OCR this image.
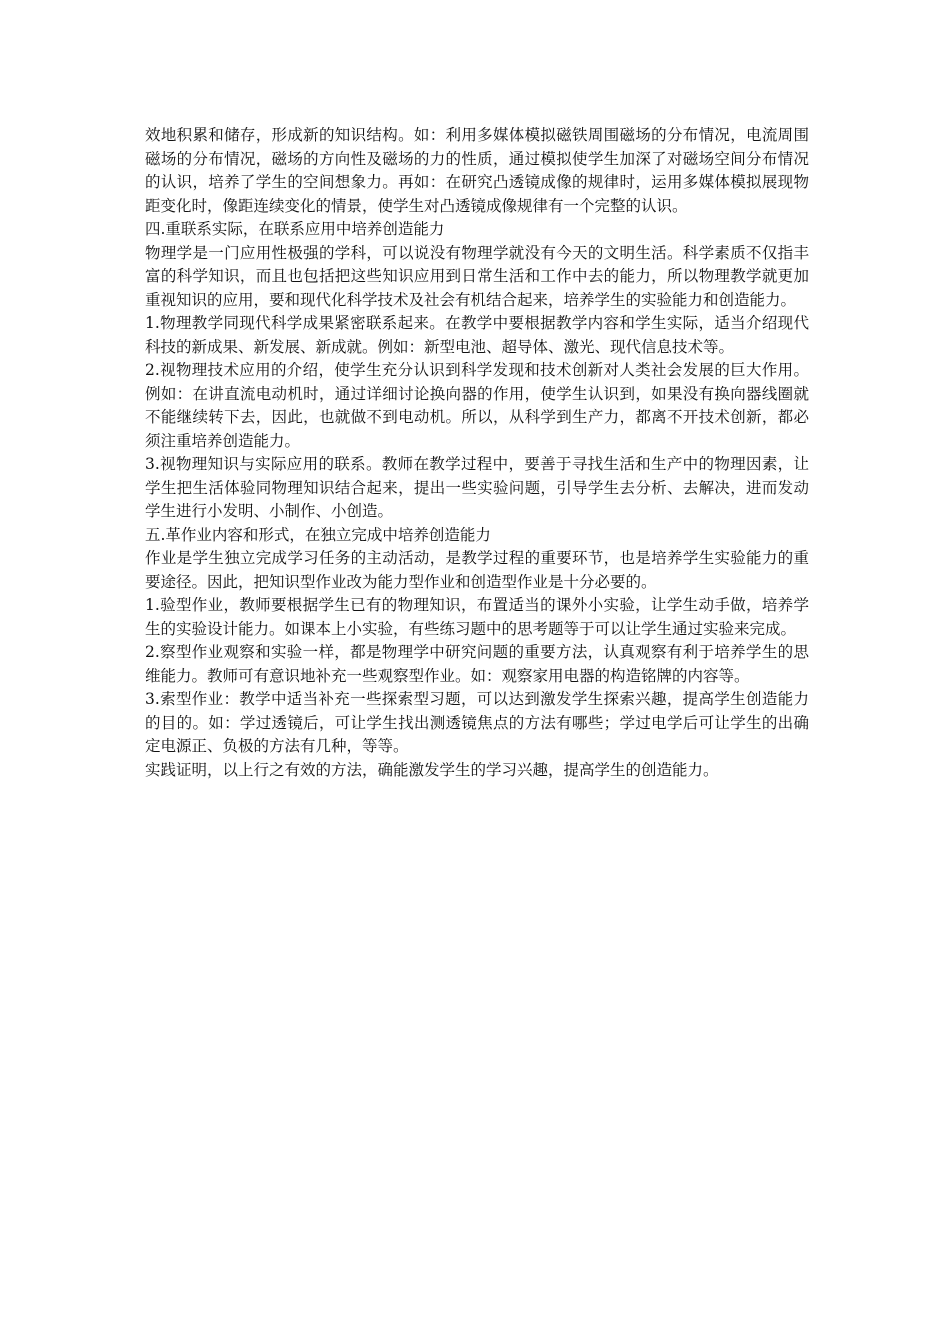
效地积累和储存，形成新的知识结构。如：利用多媒体模拟磁铁周围磁场的分布情况，电流周围磁场的分布情况，磁场的方向性及磁场的力的性质，通过模拟使学生加深了对磁场空间分布情况的认识，培养了学生的空间想象力。再如：在研究凸透镜成像的规律时，运用多媒体模拟展现物距变化时，像距连续变化的情景，使学生对凸透镜成像规律有一个完整的认识。

四.重联系实际，在联系应用中培养创造能力

物理学是一门应用性极强的学科，可以说没有物理学就没有今天的文明生活。科学素质不仅指丰富的科学知识，而且也包括把这些知识应用到日常生活和工作中去的能力，所以物理教学就更加重视知识的应用，要和现代化科学技术及社会有机结合起来，培养学生的实验能力和创造能力。

1.物理教学同现代科学成果紧密联系起来。在教学中要根据教学内容和学生实际，适当介绍现代科技的新成果、新发展、新成就。例如：新型电池、超导体、激光、现代信息技术等。

2.视物理技术应用的介绍，使学生充分认识到科学发现和技术创新对人类社会发展的巨大作用。例如：在讲直流电动机时，通过详细讨论换向器的作用，使学生认识到，如果没有换向器线圈就不能继续转下去，因此，也就做不到电动机。所以，从科学到生产力，都离不开技术创新，都必须注重培养创造能力。

3.视物理知识与实际应用的联系。教师在教学过程中，要善于寻找生活和生产中的物理因素，让学生把生活体验同物理知识结合起来，提出一些实验问题，引导学生去分析、去解决，进而发动学生进行小发明、小制作、小创造。

五.革作业内容和形式，在独立完成中培养创造能力

作业是学生独立完成学习任务的主动活动，是教学过程的重要环节，也是培养学生实验能力的重要途径。因此，把知识型作业改为能力型作业和创造型作业是十分必要的。

1.验型作业，教师要根据学生已有的物理知识，布置适当的课外小实验，让学生动手做，培养学生的实验设计能力。如课本上小实验，有些练习题中的思考题等于可以让学生通过实验来完成。

2.察型作业观察和实验一样，都是物理学中研究问题的重要方法，认真观察有利于培养学生的思维能力。教师可有意识地补充一些观察型作业。如：观察家用电器的构造铭牌的内容等。

3.索型作业：教学中适当补充一些探索型习题，可以达到激发学生探索兴趣，提高学生创造能力的目的。如：学过透镜后，可让学生找出测透镜焦点的方法有哪些；学过电学后可让学生的出确定电源正、负极的方法有几种，等等。

实践证明，以上行之有效的方法，确能激发学生的学习兴趣，提高学生的创造能力。
